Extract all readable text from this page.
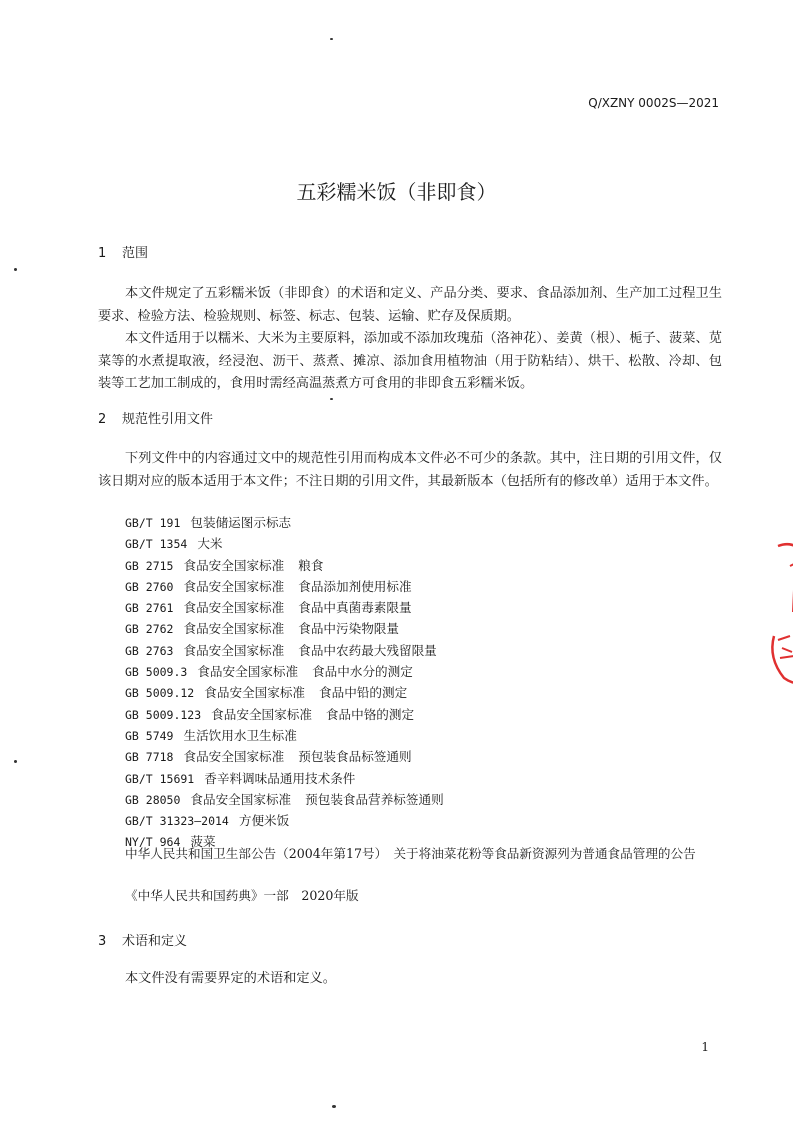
Q/XZNY 0002S—2021
五彩糯米饭（非即食）
1 范围

本文件规定了五彩糯米饭（非即食）的术语和定义、产品分类、要求、食品添加剂、生产加工过程卫生要求、检验方法、检验规则、标签、标志、包装、运输、贮存及保质期。

本文件适用于以糯米、大米为主要原料，添加或不添加玫瑰茄（洛神花）、姜黄（根）、栀子、菠菜、苋菜等的水煮提取液，经浸泡、沥干、蒸煮、摊凉、添加食用植物油（用于防粘结）、烘干、松散、冷却、包装等工艺加工制成的，食用时需经高温蒸煮方可食用的非即食五彩糯米饭。

2 规范性引用文件

下列文件中的内容通过文中的规范性引用而构成本文件必不可少的条款。其中，注日期的引用文件，仅该日期对应的版本适用于本文件；不注日期的引用文件，其最新版本（包括所有的修改单）适用于本文件。

GB/T 191 包装储运图示标志
GB/T 1354 大米
GB 2715 食品安全国家标准 粮食
GB 2760 食品安全国家标准 食品添加剂使用标准
GB 2761 食品安全国家标准 食品中真菌毒素限量
GB 2762 食品安全国家标准 食品中污染物限量
GB 2763 食品安全国家标准 食品中农药最大残留限量
GB 5009.3 食品安全国家标准 食品中水分的测定
GB 5009.12 食品安全国家标准 食品中铅的测定
GB 5009.123 食品安全国家标准 食品中铬的测定
GB 5749 生活饮用水卫生标准
GB 7718 食品安全国家标准 预包装食品标签通则
GB/T 15691 香辛料调味品通用技术条件
GB 28050 食品安全国家标准 预包装食品营养标签通则
GB/T 31323—2014 方便米饭
NY/T 964 菠菜

中华人民共和国卫生部公告（2004年第17号）　关于将油菜花粉等食品新资源列为普通食品管理的公告

《中华人民共和国药典》一部　2020年版
3 术语和定义

本文件没有需要界定的术语和定义。

1
